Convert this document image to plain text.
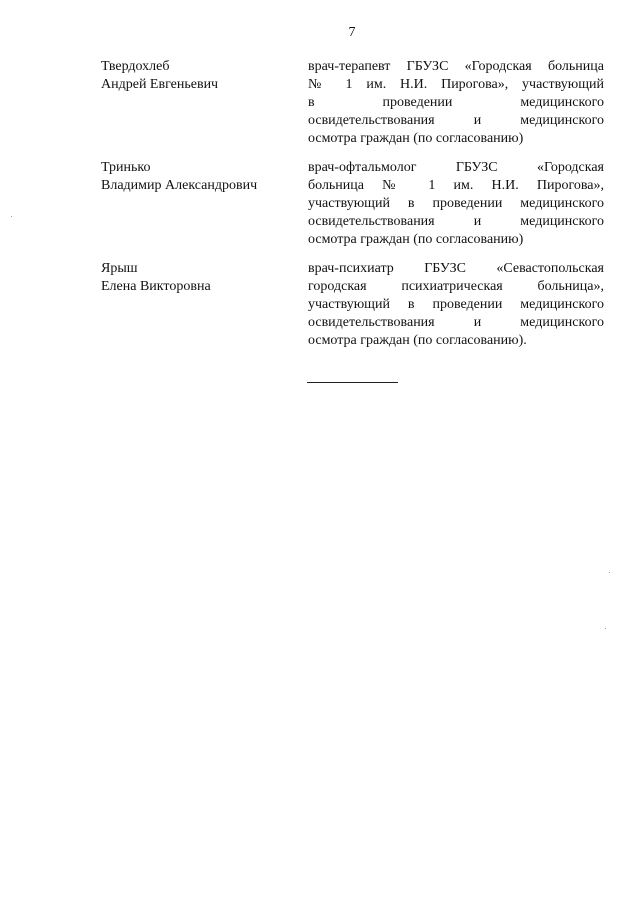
7
Твердохлеб
Андрей Евгеньевич
врач-терапевт ГБУЗС «Городская больница
№ 1 им. Н.И. Пирогова», участвующий
в проведении медицинского
освидетельствования и медицинского
осмотра граждан (по согласованию)
Тринько
Владимир Александрович
врач-офтальмолог ГБУЗС «Городская
больница № 1 им. Н.И. Пирогова»,
участвующий в проведении медицинского
освидетельствования и медицинского
осмотра граждан (по согласованию)
Ярыш
Елена Викторовна
врач-психиатр ГБУЗС «Севастопольская
городская психиатрическая больница»,
участвующий в проведении медицинского
освидетельствования и медицинского
осмотра граждан (по согласованию).
